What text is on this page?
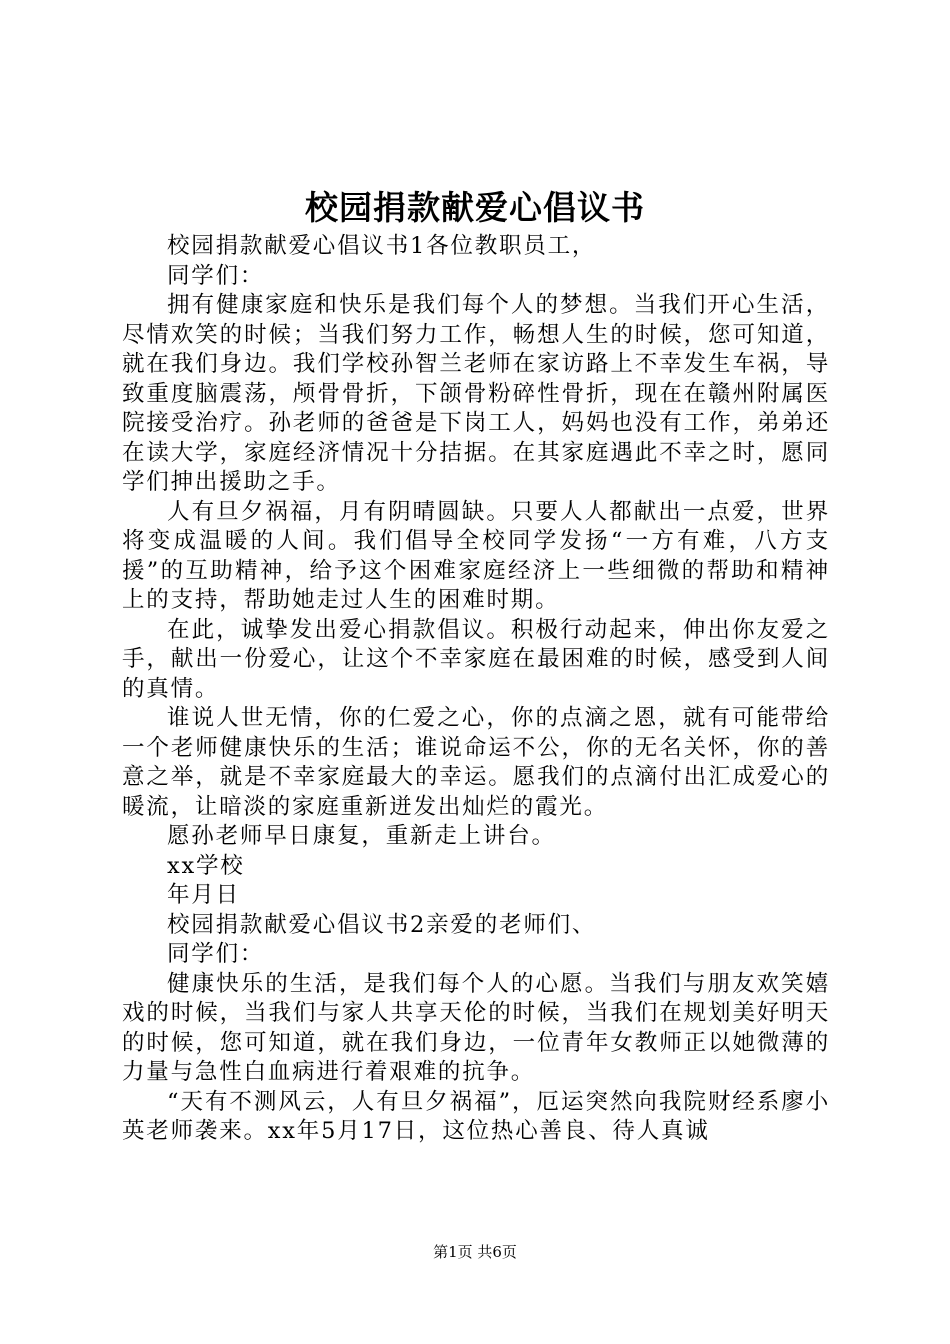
校园捐款献爱心倡议书

校园捐款献爱心倡议书1各位教职员工，

同学们：

拥有健康家庭和快乐是我们每个人的梦想。当我们开心生活，尽情欢笑的时候；当我们努力工作，畅想人生的时候，您可知道，就在我们身边。我们学校孙智兰老师在家访路上不幸发生车祸，导致重度脑震荡，颅骨骨折，下颌骨粉碎性骨折，现在在赣州附属医院接受治疗。孙老师的爸爸是下岗工人，妈妈也没有工作，弟弟还在读大学，家庭经济情况十分拮据。在其家庭遇此不幸之时，愿同学们抻出援助之手。

人有旦夕祸福，月有阴晴圆缺。只要人人都献出一点爱，世界将变成温暖的人间。我们倡导全校同学发扬“一方有难，八方支援”的互助精神，给予这个困难家庭经济上一些细微的帮助和精神上的支持，帮助她走过人生的困难时期。

在此，诚挚发出爱心捐款倡议。积极行动起来，伸出你友爱之手，献出一份爱心，让这个不幸家庭在最困难的时候，感受到人间的真情。

谁说人世无情，你的仁爱之心，你的点滴之恩，就有可能带给一个老师健康快乐的生活；谁说命运不公，你的无名关怀，你的善意之举，就是不幸家庭最大的幸运。愿我们的点滴付出汇成爱心的暖流，让暗淡的家庭重新迸发出灿烂的霞光。

愿孙老师早日康复，重新走上讲台。

xx学校

年月日

校园捐款献爱心倡议书2亲爱的老师们、

同学们：

健康快乐的生活，是我们每个人的心愿。当我们与朋友欢笑嬉戏的时候，当我们与家人共享天伦的时候，当我们在规划美好明天的时候，您可知道，就在我们身边，一位青年女教师正以她微薄的力量与急性白血病进行着艰难的抗争。

“天有不测风云，人有旦夕祸福”，厄运突然向我院财经系廖小英老师袭来。xx年5月17日，这位热心善良、待人真诚

第1页 共6页
